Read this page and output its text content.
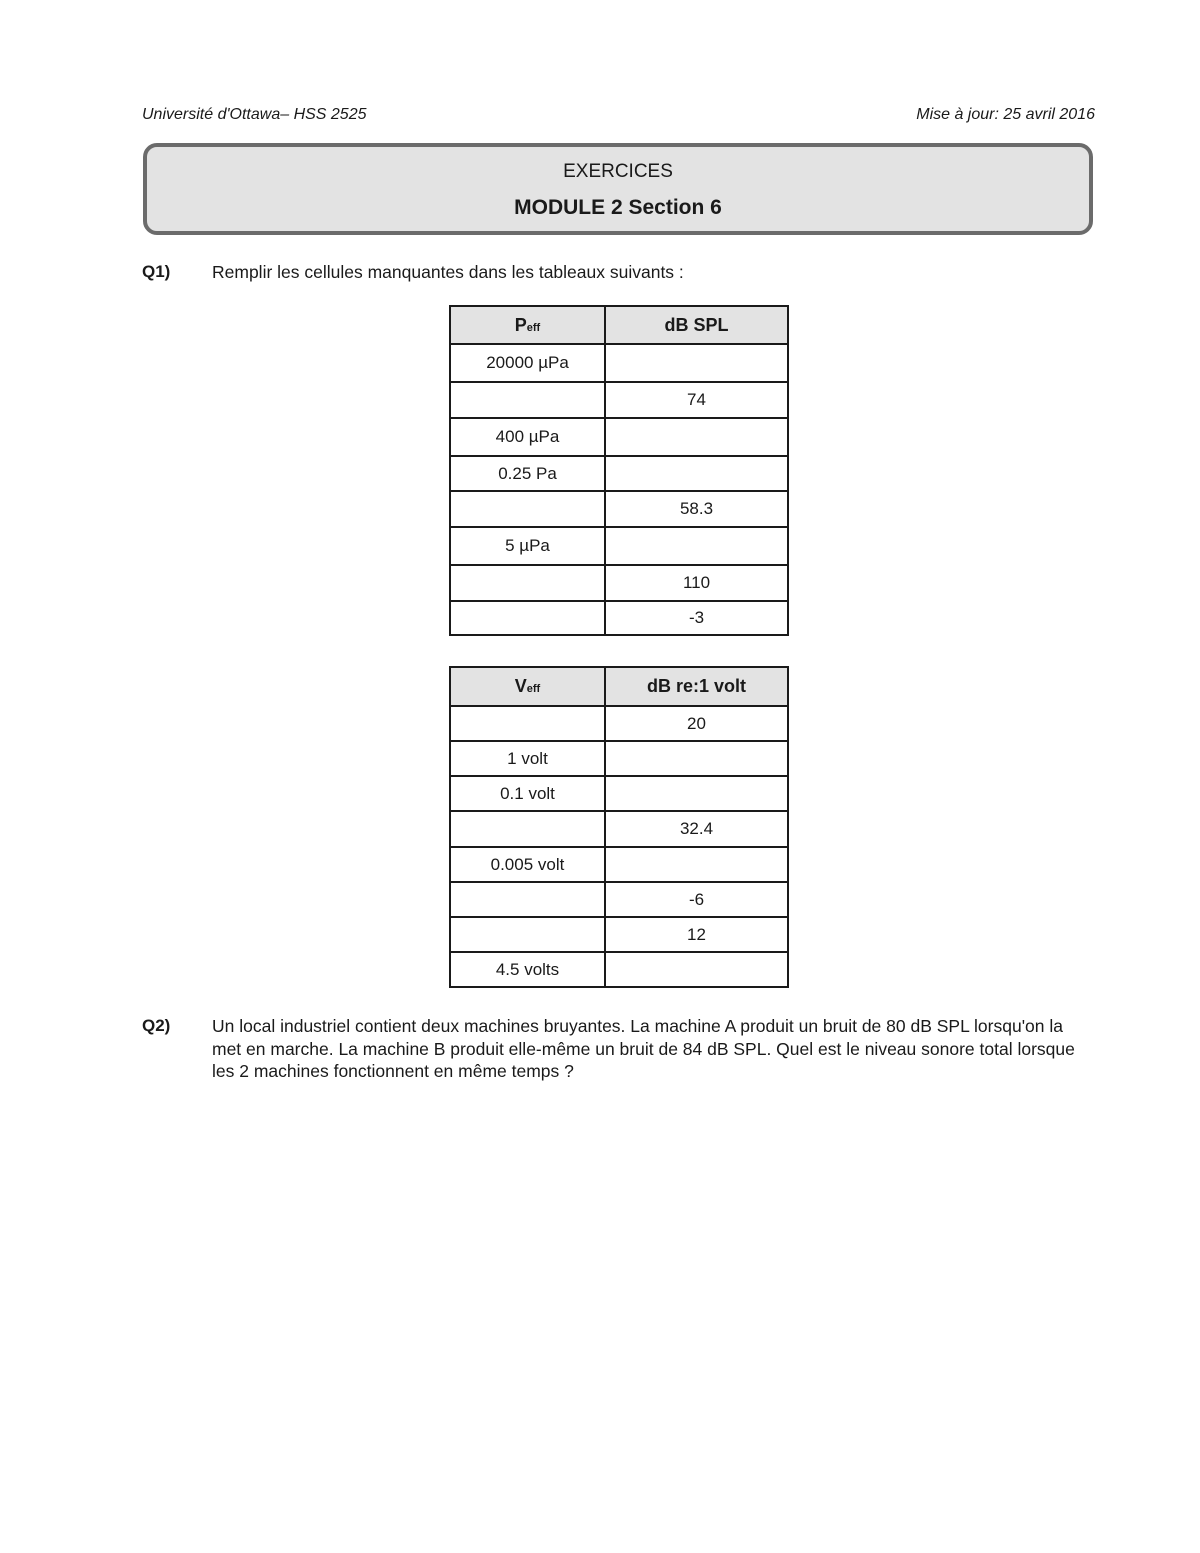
Université d'Ottawa– HSS 2525	Mise à jour: 25 avril 2016
EXERCICES
MODULE 2 Section 6
Q1) Remplir les cellules manquantes dans les tableaux suivants :
Peff	dB SPL
20000 µPa	
	74
400 µPa	
0.25 Pa	
	58.3
5 µPa	
	110
	-3
Veff	dB re:1 volt
	20
1 volt	
0.1 volt	
	32.4
0.005 volt	
	-6
	12
4.5 volts	
Q2) Un local industriel contient deux machines bruyantes. La machine A produit un bruit de 80 dB SPL lorsqu'on la met en marche. La machine B produit elle-même un bruit de 84 dB SPL. Quel est le niveau sonore total lorsque les 2 machines fonctionnent en même temps ?
